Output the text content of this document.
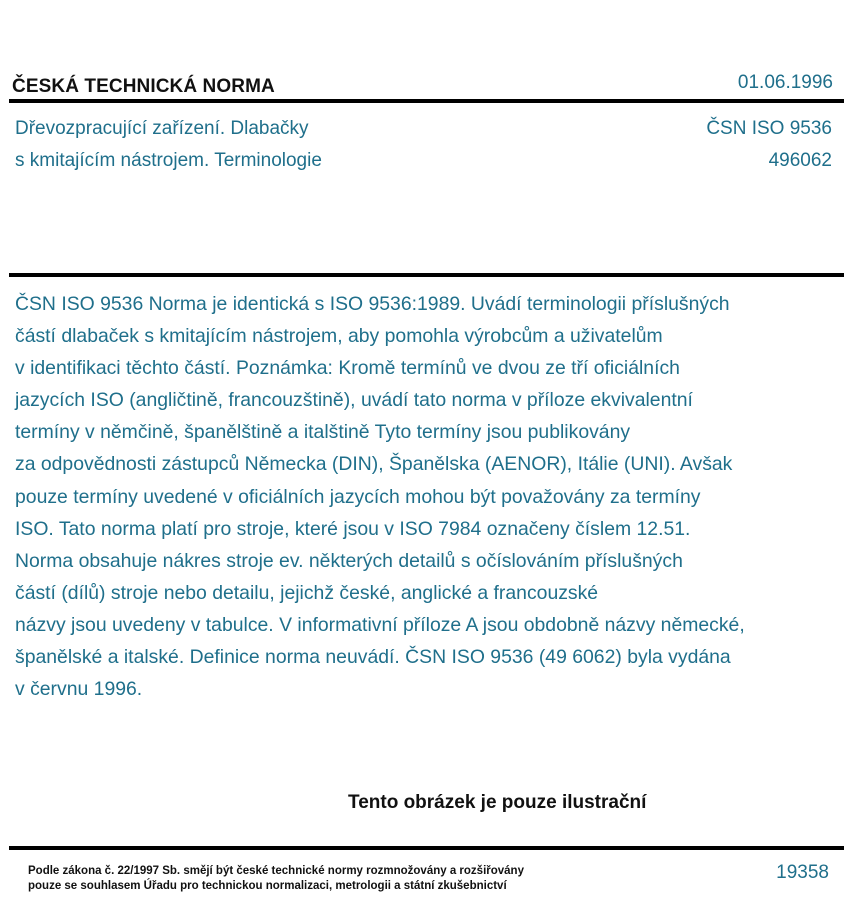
ČESKÁ TECHNICKÁ NORMA	01.06.1996
Dřevozpracující zařízení. Dlabačky
s kmitajícím nástrojem. Terminologie
ČSN ISO 9536
496062
ČSN ISO 9536 Norma je identická s ISO 9536:1989. Uvádí terminologii příslušných
částí dlabaček s kmitajícím nástrojem, aby pomohla výrobcům a uživatelům
v identifikaci těchto částí. Poznámka: Kromě termínů ve dvou ze tří oficiálních
jazycích ISO (angličtině, francouzštině), uvádí tato norma v příloze ekvivalentní
termíny v němčině, španělštině a italštině Tyto termíny jsou publikovány
za odpovědnosti zástupců Německa (DIN), Španělska (AENOR), Itálie (UNI). Avšak
pouze termíny uvedené v oficiálních jazycích mohou být považovány za termíny
ISO. Tato norma platí pro stroje, které jsou v ISO 7984 označeny číslem 12.51.
Norma obsahuje nákres stroje ev. některých detailů s očíslováním příslušných
částí (dílů) stroje nebo detailu, jejichž české, anglické a francouzské
názvy jsou uvedeny v tabulce. V informativní příloze A jsou obdobně názvy německé,
španělské a italské. Definice norma neuvádí. ČSN ISO 9536 (49 6062) byla vydána
v červnu 1996.
Tento obrázek je pouze ilustrační
Podle zákona č. 22/1997 Sb. smějí být české technické normy rozmnožovány a rozšiřovány
pouze se souhlasem Úřadu pro technickou normalizaci, metrologii a státní zkušebnictví
19358
